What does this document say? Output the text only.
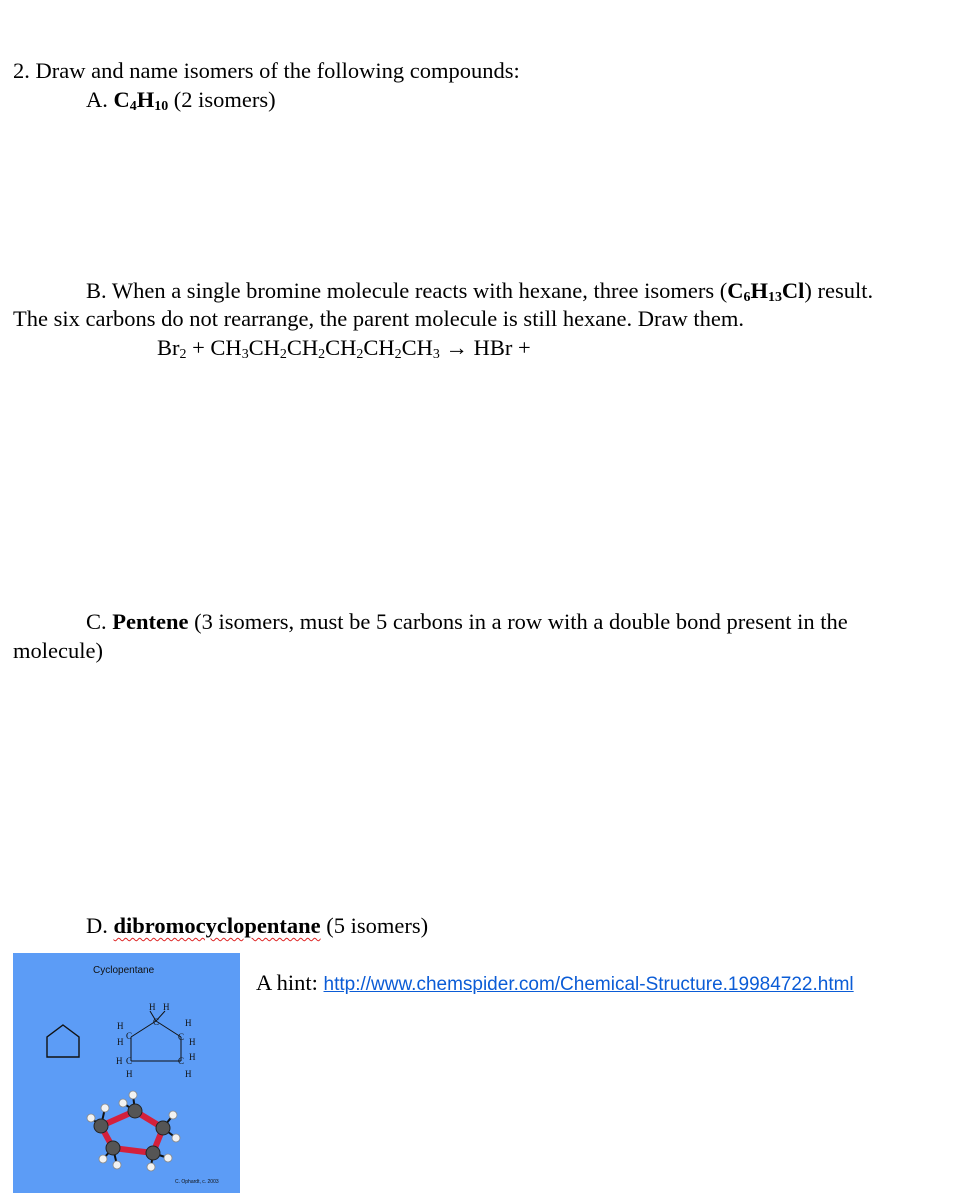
2. Draw and name isomers of the following compounds:
A. $C_4H_{10}$ (2 isomers)
B. When a single bromine molecule reacts with hexane, three isomers $(C_6H_{13}Cl)$ result.
The six carbons do not rearrange, the parent molecule is still hexane. Draw them.
$Br_2 + CH_3CH_2CH_2CH_2CH_2CH_3$ → HBr +
C. Pentene (3 isomers, must be 5 carbons in a row with a double bond present in the
molecule)
D. dibromocyclopentane (5 isomers)
A hint: http://www.chemspider.com/Chemical-Structure.19984722.html
Cyclopentane
H H
C
H	H
C
H	C H
H C	C H
H	H
C. Ophardt, c. 2003
